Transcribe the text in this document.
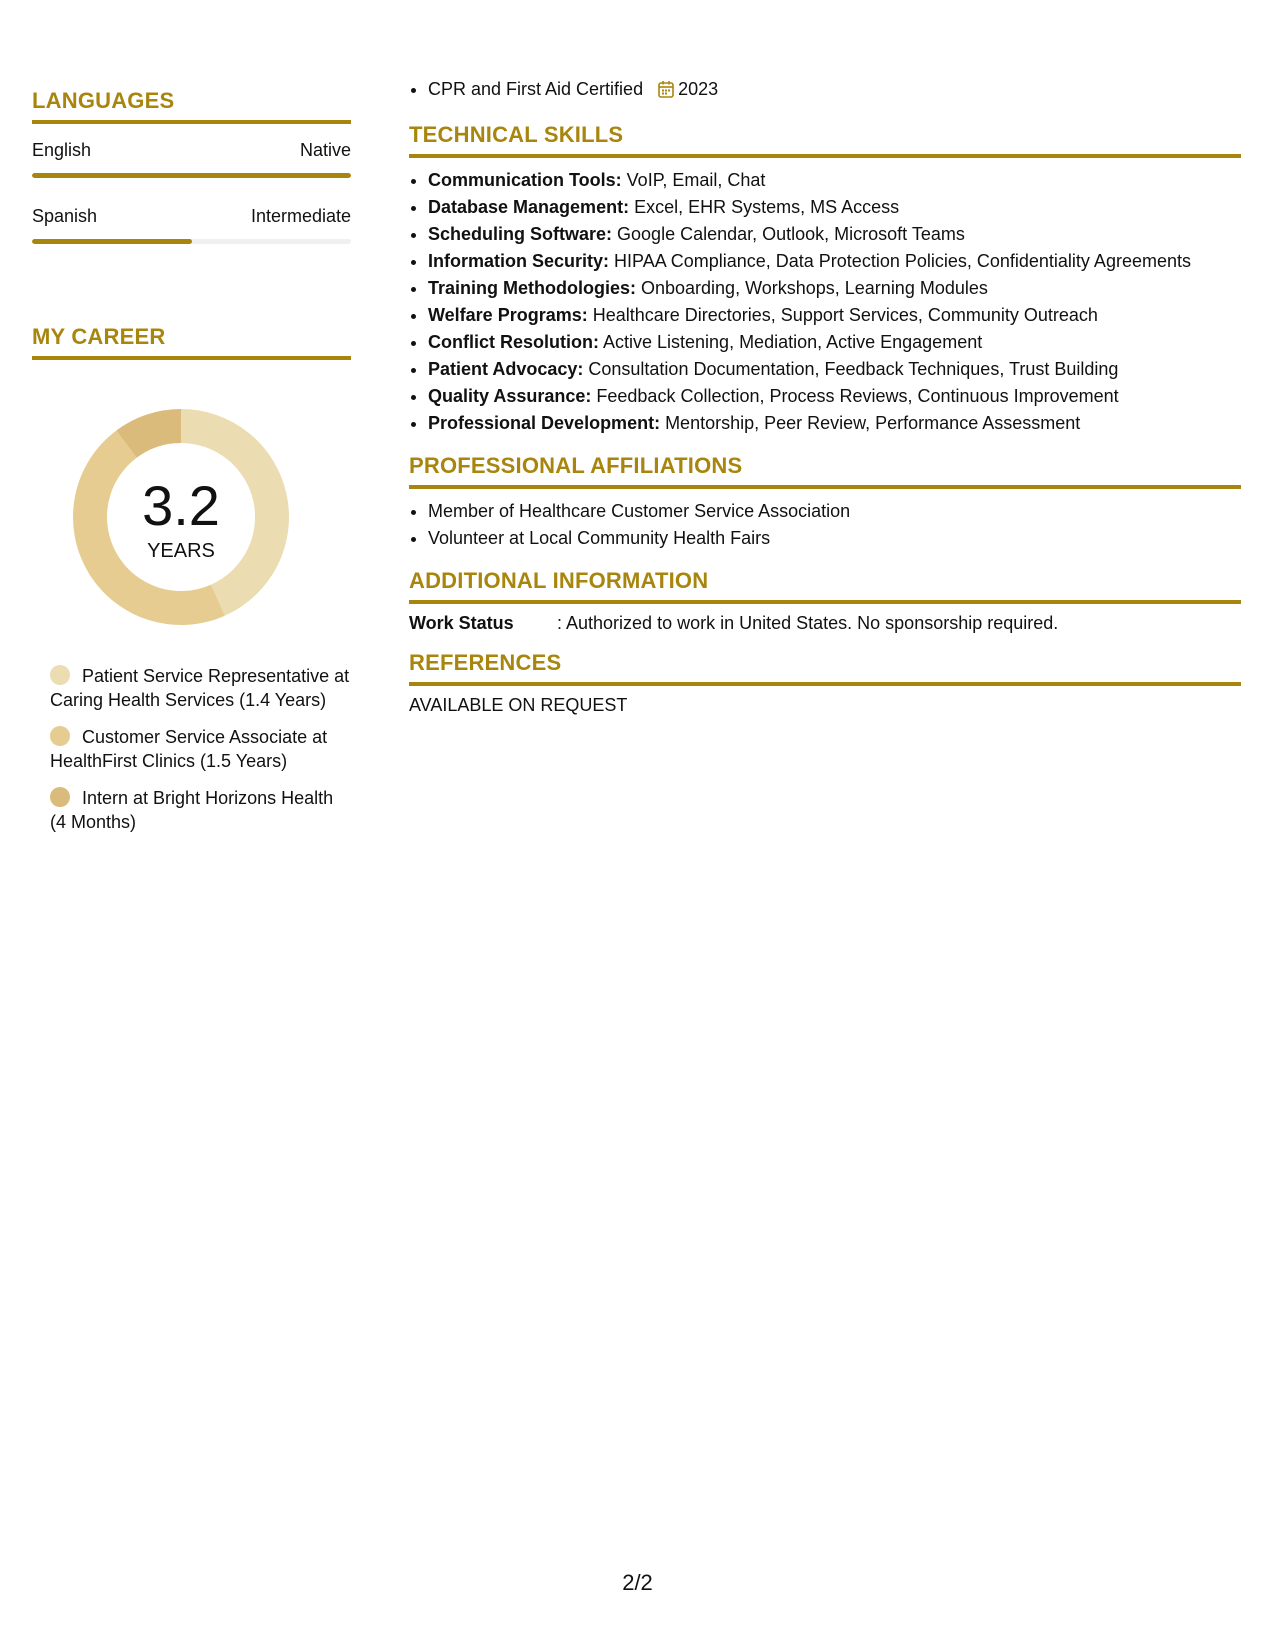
LANGUAGES
English	Native
Spanish	Intermediate
MY CAREER
3.2
YEARS
Patient Service Representative at Caring Health Services (1.4 Years)
Customer Service Associate at HealthFirst Clinics (1.5 Years)
Intern at Bright Horizons Health (4 Months)
• CPR and First Aid Certified 2023
TECHNICAL SKILLS
• Communication Tools: VoIP, Email, Chat
• Database Management: Excel, EHR Systems, MS Access
• Scheduling Software: Google Calendar, Outlook, Microsoft Teams
• Information Security: HIPAA Compliance, Data Protection Policies, Confidentiality Agreements
• Training Methodologies: Onboarding, Workshops, Learning Modules
• Welfare Programs: Healthcare Directories, Support Services, Community Outreach
• Conflict Resolution: Active Listening, Mediation, Active Engagement
• Patient Advocacy: Consultation Documentation, Feedback Techniques, Trust Building
• Quality Assurance: Feedback Collection, Process Reviews, Continuous Improvement
• Professional Development: Mentorship, Peer Review, Performance Assessment
PROFESSIONAL AFFILIATIONS
• Member of Healthcare Customer Service Association
• Volunteer at Local Community Health Fairs
ADDITIONAL INFORMATION
Work Status	: Authorized to work in United States. No sponsorship required.
REFERENCES
AVAILABLE ON REQUEST
2/2
